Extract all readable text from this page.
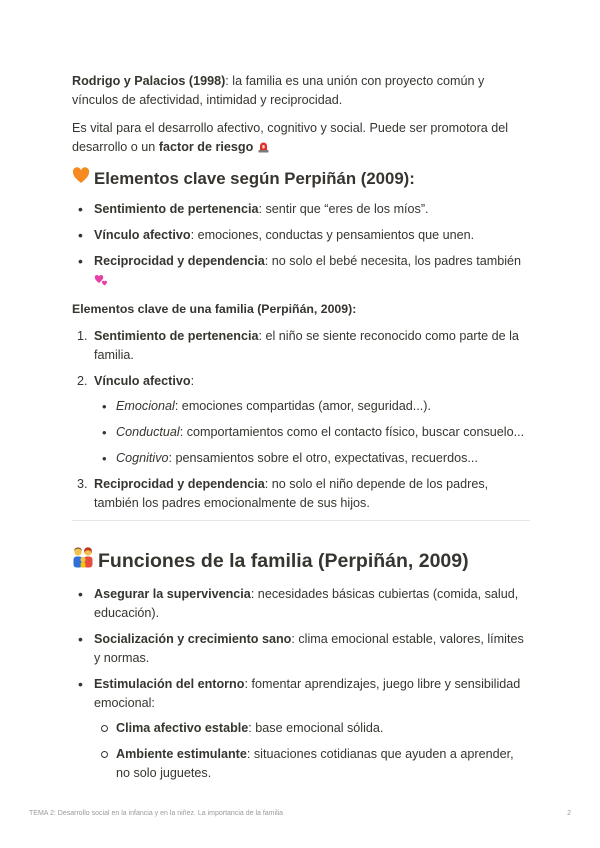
Rodrigo y Palacios (1998): la familia es una unión con proyecto común y vínculos de afectividad, intimidad y reciprocidad.

Es vital para el desarrollo afectivo, cognitivo y social. Puede ser promotora del desarrollo o un factor de riesgo

Elementos clave según Perpiñán (2009):
• Sentimiento de pertenencia: sentir que “eres de los míos”.
• Vínculo afectivo: emociones, conductas y pensamientos que unen.
• Reciprocidad y dependencia: no solo el bebé necesita, los padres también

Elementos clave de una familia (Perpiñán, 2009):
1. Sentimiento de pertenencia: el niño se siente reconocido como parte de la familia.
2. Vínculo afectivo:
• Emocional: emociones compartidas (amor, seguridad...).
• Conductual: comportamientos como el contacto físico, buscar consuelo...
• Cognitivo: pensamientos sobre el otro, expectativas, recuerdos...
3. Reciprocidad y dependencia: no solo el niño depende de los padres, también los padres emocionalmente de sus hijos.
Funciones de la familia (Perpiñán, 2009)
• Asegurar la supervivencia: necesidades básicas cubiertas (comida, salud, educación).
• Socialización y crecimiento sano: clima emocional estable, valores, límites y normas.
• Estimulación del entorno: fomentar aprendizajes, juego libre y sensibilidad emocional:
Clima afectivo estable: base emocional sólida.
Ambiente estimulante: situaciones cotidianas que ayuden a aprender, no solo juguetes.
TEMA 2: Desarrollo social en la infancia y en la niñez. La importancia de la familia	2
